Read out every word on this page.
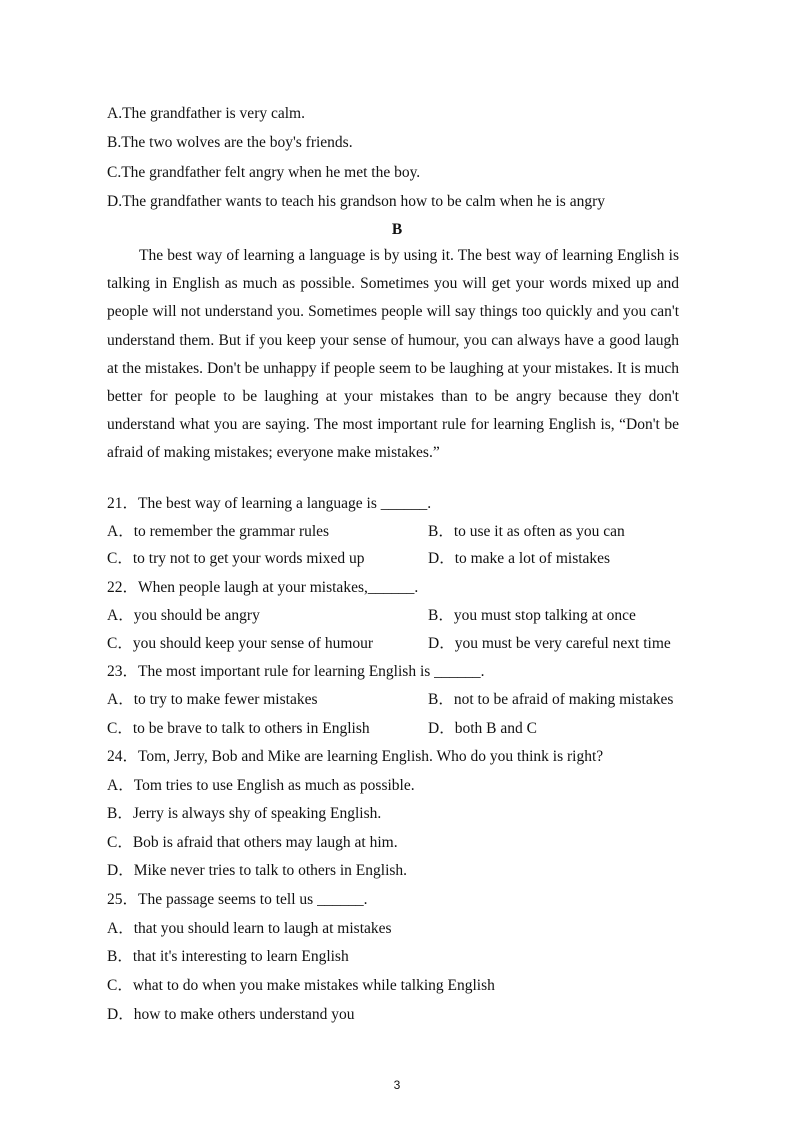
A.The grandfather is very calm.
B.The two wolves are the boy's friends.
C.The grandfather felt angry when he met the boy.
D.The grandfather wants to teach his grandson how to be calm when he is angry
B

The best way of learning a language is by using it. The best way of learning English is talking in English as much as possible. Sometimes you will get your words mixed up and people will not understand you. Sometimes people will say things too quickly and you can't understand them. But if you keep your sense of humour, you can always have a good laugh at the mistakes. Don't be unhappy if people seem to be laughing at your mistakes. It is much better for people to be laughing at your mistakes than to be angry because they don't understand what you are saying. The most important rule for learning English is, “Don't be afraid of making mistakes; everyone make mistakes.”

21．The best way of learning a language is ______.
A．to remember the grammar rules	B．to use it as often as you can
C．to try not to get your words mixed up	D．to make a lot of mistakes
22．When people laugh at your mistakes,______.
A．you should be angry	B．you must stop talking at once
C．you should keep your sense of humour	D．you must be very careful next time
23．The most important rule for learning English is ______.
A．to try to make fewer mistakes	B．not to be afraid of making mistakes
C．to be brave to talk to others in English	D．both B and C
24．Tom, Jerry, Bob and Mike are learning English. Who do you think is right?
A．Tom tries to use English as much as possible.
B．Jerry is always shy of speaking English.
C．Bob is afraid that others may laugh at him.
D．Mike never tries to talk to others in English.
25．The passage seems to tell us ______.
A．that you should learn to laugh at mistakes
B．that it's interesting to learn English
C．what to do when you make mistakes while talking English
D．how to make others understand you
3
